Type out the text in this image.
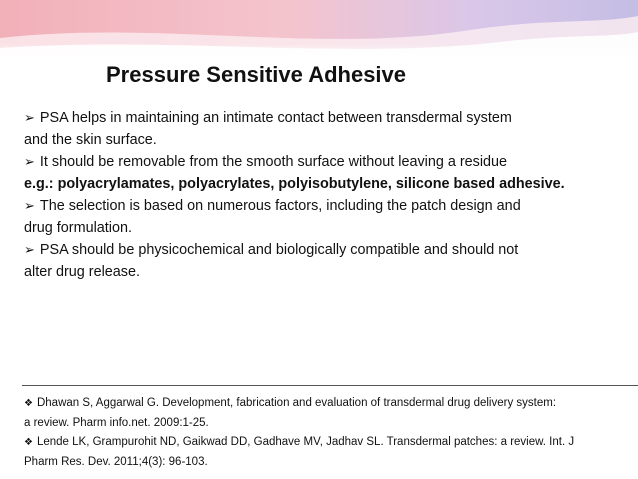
Pressure Sensitive Adhesive

➢ PSA helps in maintaining an intimate contact between transdermal system
and the skin surface.

➢ It should be removable from the smooth surface without leaving a residue
e.g.: polyacrylamates, polyacrylates, polyisobutylene, silicone based adhesive.

➢ The selection is based on numerous factors, including the patch design and
drug formulation.

➢ PSA should be physicochemical and biologically compatible and should not
alter drug release.

❖ Dhawan S, Aggarwal G. Development, fabrication and evaluation of transdermal drug delivery system:
a review. Pharm info.net. 2009:1-25.

❖ Lende LK, Grampurohit ND, Gaikwad DD, Gadhave MV, Jadhav SL. Transdermal patches: a review. Int. J
Pharm Res. Dev. 2011;4(3): 96-103.
